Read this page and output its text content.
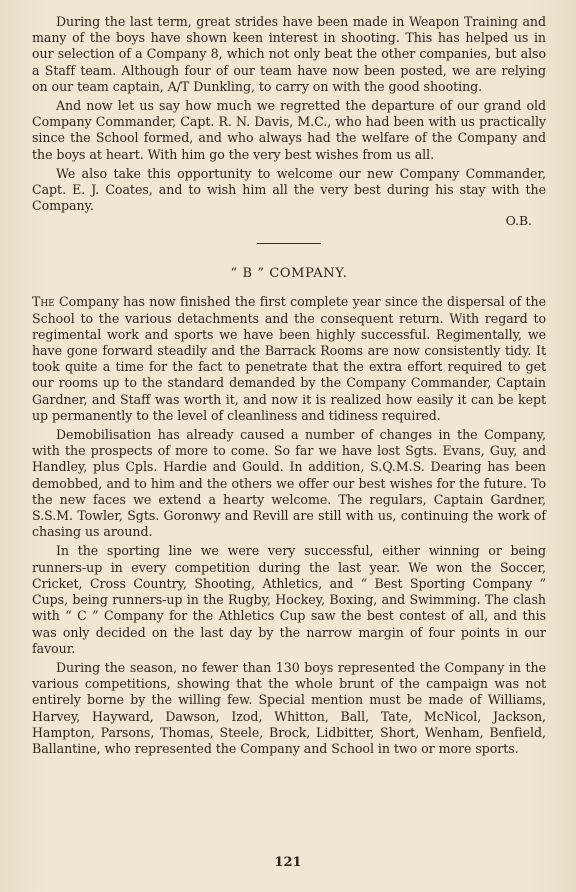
During the last term, great strides have been made in Weapon Training and many of the boys have shown keen interest in shooting. This has helped us in our selection of a Company 8, which not only beat the other companies, but also a Staff team. Although four of our team have now been posted, we are relying on our team captain, A/T Dunkling, to carry on with the good shooting.

And now let us say how much we regretted the departure of our grand old Company Commander, Capt. R. N. Davis, M.C., who had been with us practically since the School formed, and who always had the welfare of the Company and the boys at heart. With him go the very best wishes from us all.

We also take this opportunity to welcome our new Company Commander, Capt. E. J. Coates, and to wish him all the very best during his stay with the Company.

O.B.
“ B ” COMPANY.

The Company has now finished the first complete year since the dispersal of the School to the various detachments and the consequent return. With regard to regimental work and sports we have been highly successful. Regimentally, we have gone forward steadily and the Barrack Rooms are now consistently tidy. It took quite a time for the fact to penetrate that the extra effort required to get our rooms up to the standard demanded by the Company Commander, Captain Gardner, and Staff was worth it, and now it is realized how easily it can be kept up permanently to the level of cleanliness and tidiness required.

Demobilisation has already caused a number of changes in the Company, with the prospects of more to come. So far we have lost Sgts. Evans, Guy, and Handley, plus Cpls. Hardie and Gould. In addition, S.Q.M.S. Dearing has been demobbed, and to him and the others we offer our best wishes for the future. To the new faces we extend a hearty welcome. The regulars, Captain Gardner, S.S.M. Towler, Sgts. Goronwy and Revill are still with us, continuing the work of chasing us around.

In the sporting line we were very successful, either winning or being runners-up in every competition during the last year. We won the Soccer, Cricket, Cross Country, Shooting, Athletics, and “ Best Sporting Company ” Cups, being runners-up in the Rugby, Hockey, Boxing, and Swimming. The clash with “ C ” Company for the Athletics Cup saw the best contest of all, and this was only decided on the last day by the narrow margin of four points in our favour.

During the season, no fewer than 130 boys represented the Company in the various competitions, showing that the whole brunt of the campaign was not entirely borne by the willing few. Special mention must be made of Williams, Harvey, Hayward, Dawson, Izod, Whitton, Ball, Tate, McNicol, Jackson, Hampton, Parsons, Thomas, Steele, Brock, Lidbitter, Short, Wenham, Benfield, Ballantine, who represented the Company and School in two or more sports.

121
